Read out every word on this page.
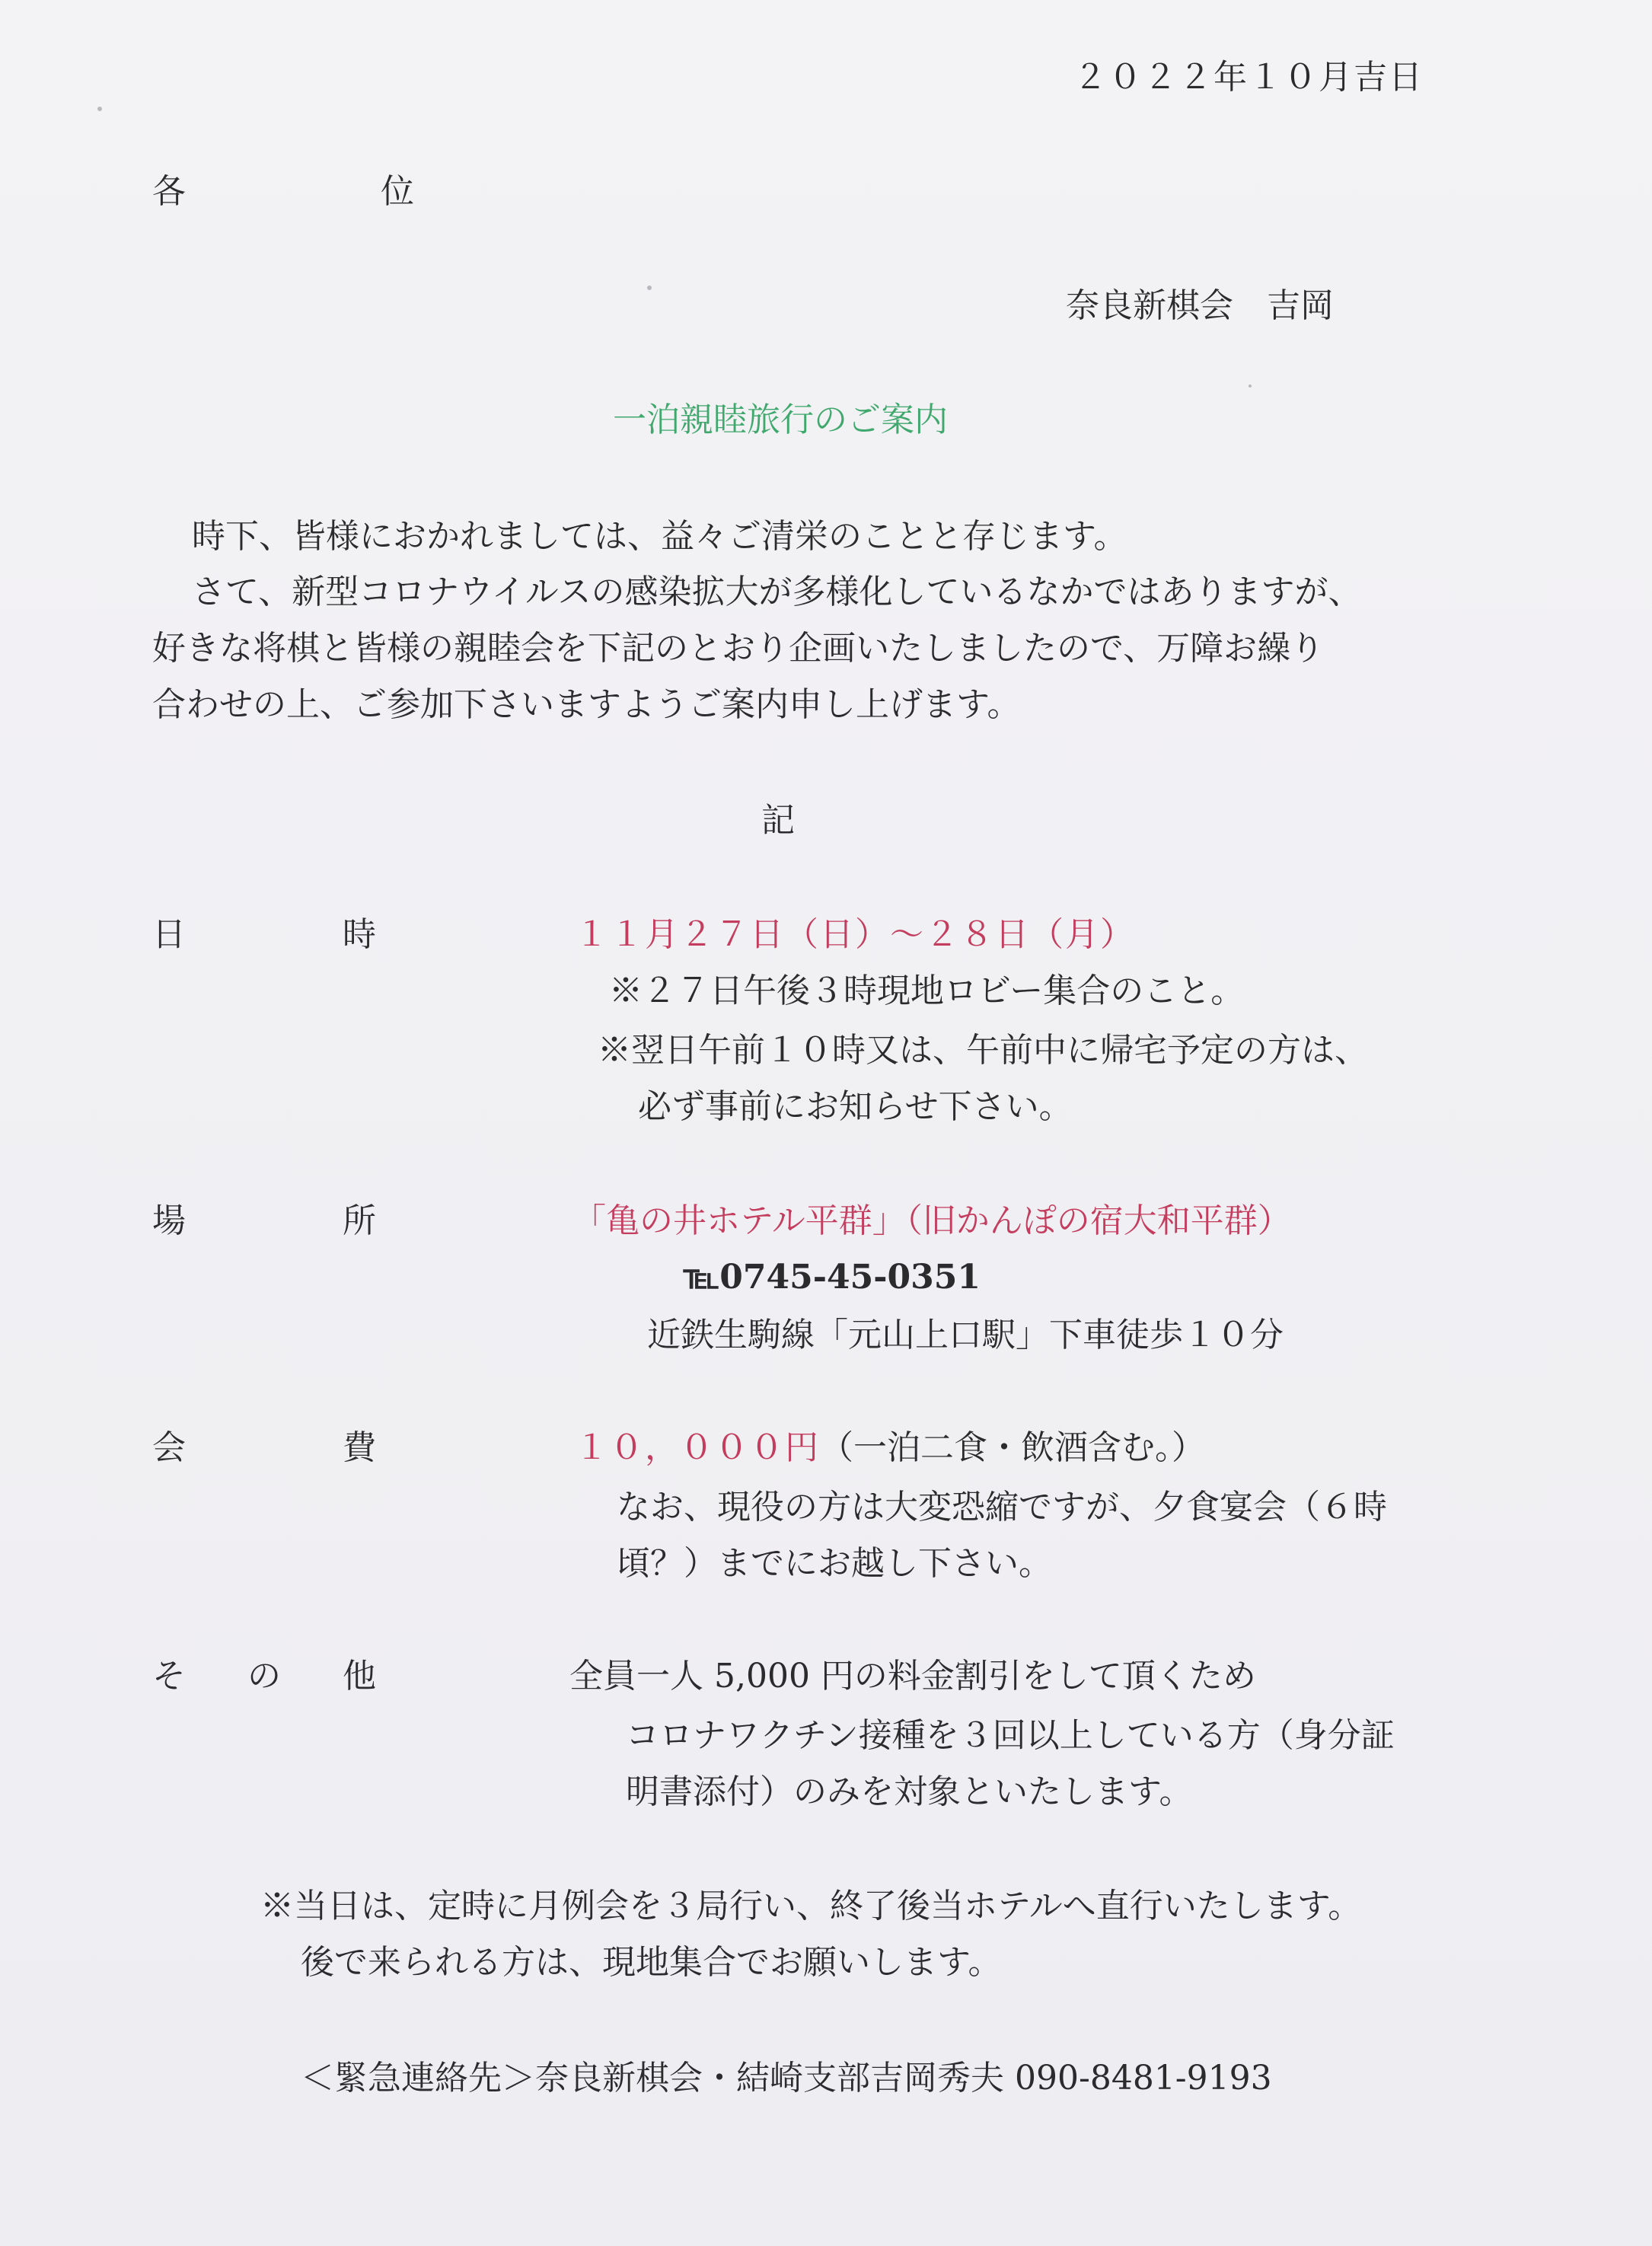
２０２２年１０月吉日
各	位
奈良新棋会　吉岡
一泊親睦旅行のご案内
時下、皆様におかれましては、益々ご清栄のことと存じます。
さて、新型コロナウイルスの感染拡大が多様化しているなかではありますが、
好きな将棋と皆様の親睦会を下記のとおり企画いたしましたので、万障お繰り
合わせの上、ご参加下さいますようご案内申し上げます。
記
日	時	１１月２７日（日）～２８日（月）
※２７日午後３時現地ロビー集合のこと。
※翌日午前１０時又は、午前中に帰宅予定の方は、
必ず事前にお知らせ下さい。
場	所	「亀の井ホテル平群」（旧かんぽの宿大和平群）
℡0745-45-0351
近鉄生駒線「元山上口駅」下車徒歩１０分
会	費	１０，０００円（一泊二食・飲酒含む。）
なお、現役の方は大変恐縮ですが、夕食宴会（６時
頃？）までにお越し下さい。
そ の 他	全員一人 5,000 円の料金割引をして頂くため
コロナワクチン接種を３回以上している方（身分証
明書添付）のみを対象といたします。
※当日は、定時に月例会を３局行い、終了後当ホテルへ直行いたします。
後で来られる方は、現地集合でお願いします。
＜緊急連絡先＞奈良新棋会・結崎支部吉岡秀夫 090-8481-9193
